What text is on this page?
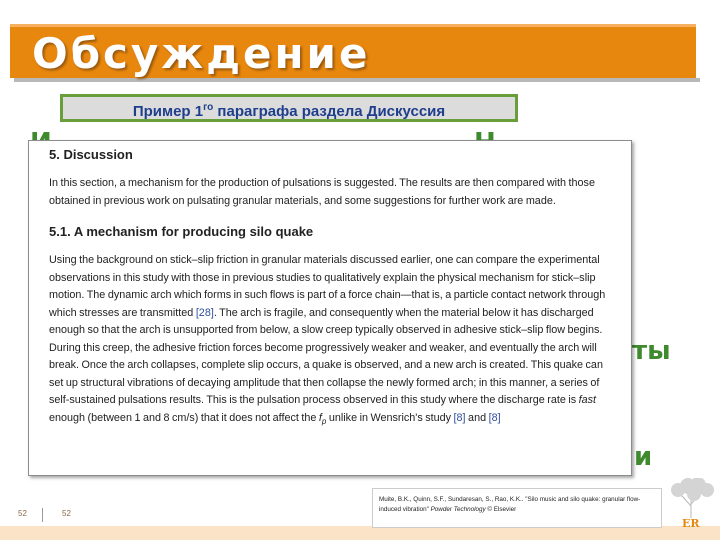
Обсуждение
Пример $1^{го}$ параграфа раздела Дискуссия
ты
и
5. Discussion

In this section, a mechanism for the production of pulsations is suggested. The results are then compared with those obtained in previous work on pulsating granular materials, and some suggestions for further work are made.

5.1. A mechanism for producing silo quake

Using the background on stick–slip friction in granular materials discussed earlier, one can compare the experimental observations in this study with those in previous studies to qualitatively explain the physical mechanism for stick–slip motion. The dynamic arch which forms in such flows is part of a force chain—that is, a particle contact network through which stresses are transmitted [28]. The arch is fragile, and consequently when the material below it has discharged enough so that the arch is unsupported from below, a slow creep typically observed in adhesive stick–slip flow begins. During this creep, the adhesive friction forces become progressively weaker and weaker, and eventually the arch will break. Once the arch collapses, complete slip occurs, a quake is observed, and a new arch is created. This quake can set up structural vibrations of decaying amplitude that then collapse the newly formed arch; in this manner, a series of self-sustained pulsations results. This is the pulsation process observed in this study where the discharge rate is fast enough (between 1 and 8 cm/s) that it does not affect the $f_p$ unlike in Wensrich's study [8] and [8]

52	52
Muite, B.K., Quinn, S.F., Sundaresan, S., Rao, K.K.. "Silo music and silo quake: granular flow-induced vibration" Powder Technology © Elsevier
ER
